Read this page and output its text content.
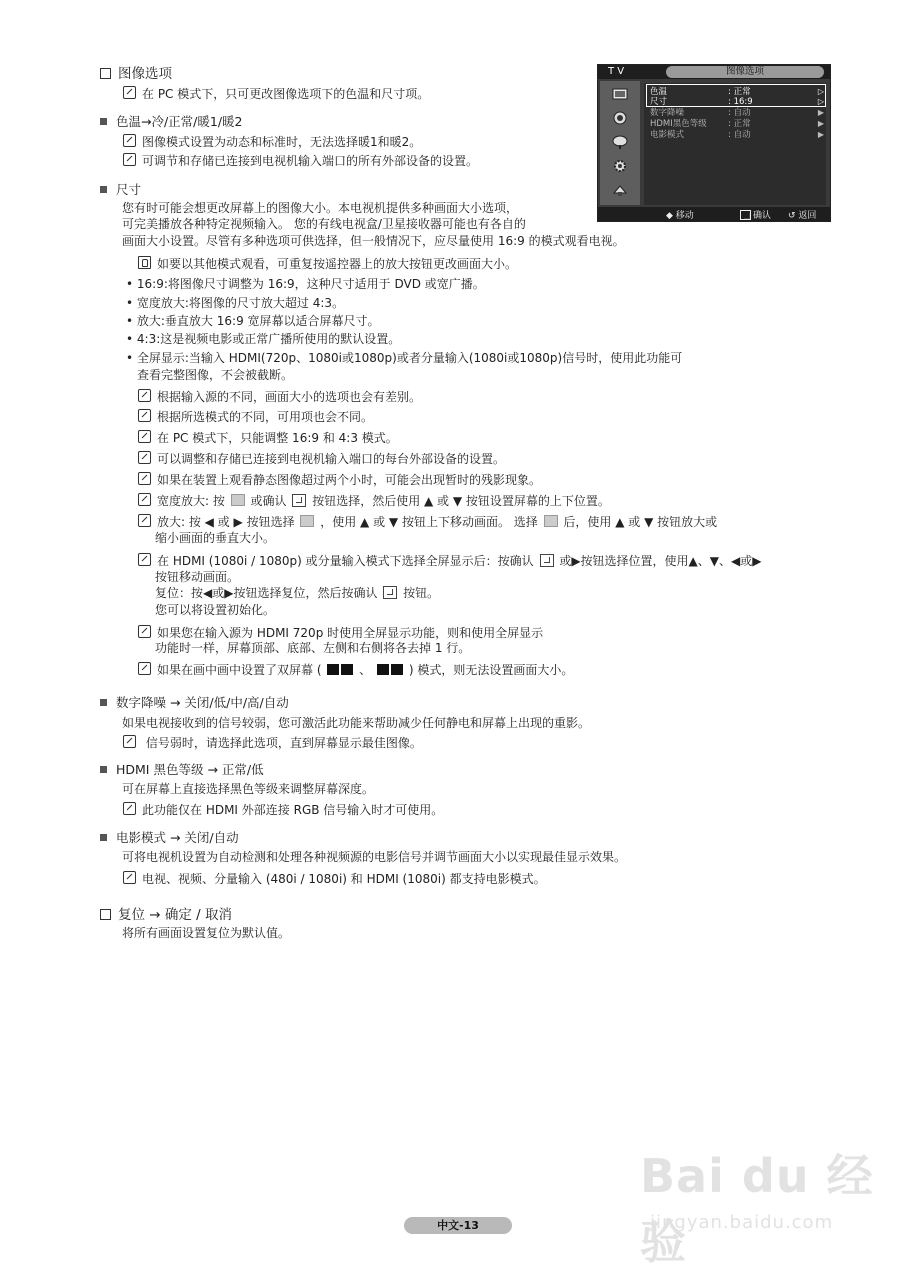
图像选项
在 PC 模式下，只可更改图像选项下的色温和尺寸项。
色温→冷/正常/暖1/暖2
图像模式设置为动态和标准时，无法选择暖1和暖2。
可调节和存储已连接到电视机输入端口的所有外部设备的设置。
尺寸
您有时可能会想更改屏幕上的图像大小。本电视机提供多种画面大小选项，
可完美播放各种特定视频输入。 您的有线电视盒/卫星接收器可能也有各自的
画面大小设置。尽管有多种选项可供选择，但一般情况下，应尽量使用 16:9 的模式观看电视。
如要以其他模式观看，可重复按遥控器上的放大按钮更改画面大小。
• 16:9:将图像尺寸调整为 16:9，这种尺寸适用于 DVD 或宽广播。
• 宽度放大:将图像的尺寸放大超过 4:3。
• 放大:垂直放大 16:9 宽屏幕以适合屏幕尺寸。
• 4:3:这是视频电影或正常广播所使用的默认设置。
• 全屏显示:当输入 HDMI(720p、1080i或1080p)或者分量输入(1080i或1080p)信号时，使用此功能可
查看完整图像，不会被截断。
根据输入源的不同，画面大小的选项也会有差别。
根据所选模式的不同，可用项也会不同。
在 PC 模式下，只能调整 16:9 和 4:3 模式。
可以调整和存储已连接到电视机输入端口的每台外部设备的设置。
如果在装置上观看静态图像超过两个小时，可能会出现暂时的残影现象。
宽度放大: 按 或确认 按钮选择，然后使用 ▲ 或 ▼ 按钮设置屏幕的上下位置。
放大: 按 ◀ 或 ▶ 按钮选择 ，使用 ▲ 或 ▼ 按钮上下移动画面。 选择 后，使用 ▲ 或 ▼ 按钮放大或
缩小画面的垂直大小。
在 HDMI (1080i / 1080p) 或分量输入模式下选择全屏显示后：按确认 或▶按钮选择位置，使用▲、▼、◀或▶
按钮移动画面。
复位：按◀或▶按钮选择复位，然后按确认 按钮。
您可以将设置初始化。
如果您在输入源为 HDMI 720p 时使用全屏显示功能，则和使用全屏显示
功能时一样，屏幕顶部、底部、左侧和右侧将各去掉 1 行。
如果在画中画中设置了双屏幕 (	、	) 模式，则无法设置画面大小。
数字降噪 → 关闭/低/中/高/自动
如果电视接收到的信号较弱，您可激活此功能来帮助减少任何静电和屏幕上出现的重影。
信号弱时，请选择此选项，直到屏幕显示最佳图像。
HDMI 黑色等级 → 正常/低
可在屏幕上直接选择黑色等级来调整屏幕深度。
此功能仅在 HDMI 外部连接 RGB 信号输入时才可使用。
电影模式 → 关闭/自动
可将电视机设置为自动检测和处理各种视频源的电影信号并调节画面大小以实现最佳显示效果。
电视、视频、分量输入 (480i / 1080i) 和 HDMI (1080i) 都支持电影模式。
复位 → 确定 / 取消
将所有画面设置复位为默认值。
T V	图像选项
色温	: 正常	▷
尺寸	: 16:9	▷
数字降噪	: 自动	▶
HDMI黑色等级 : 正常	▶
电影模式	: 自动	▶
◆ 移动	确认 ↺ 返回
中文-13
Bai du 经验
jingyan.baidu.com
